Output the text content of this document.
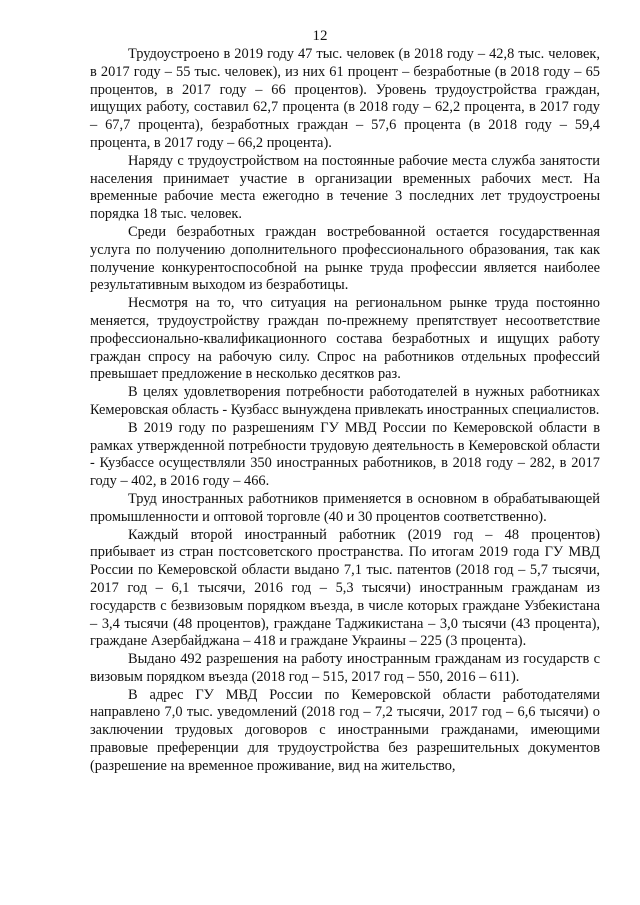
12

Трудоустроено в 2019 году 47 тыс. человек (в 2018 году – 42,8 тыс. человек, в 2017 году – 55 тыс. человек), из них 61 процент – безработные (в 2018 году – 65 процентов, в 2017 году – 66 процентов). Уровень трудоустройства граждан, ищущих работу, составил 62,7 процента (в 2018 году – 62,2 процента, в 2017 году – 67,7 процента), безработных граждан – 57,6 процента (в 2018 году – 59,4 процента, в 2017 году – 66,2 процента).

Наряду с трудоустройством на постоянные рабочие места служба занятости населения принимает участие в организации временных рабочих мест. На временные рабочие места ежегодно в течение 3 последних лет трудоустроены порядка 18 тыс. человек.

Среди безработных граждан востребованной остается государственная услуга по получению дополнительного профессионального образования, так как получение конкурентоспособной на рынке труда профессии является наиболее результативным выходом из безработицы.

Несмотря на то, что ситуация на региональном рынке труда постоянно меняется, трудоустройству граждан по-прежнему препятствует несоответствие профессионально-квалификационного состава безработных и ищущих работу граждан спросу на рабочую силу. Спрос на работников отдельных профессий превышает предложение в несколько десятков раз.

В целях удовлетворения потребности работодателей в нужных работниках Кемеровская область - Кузбасс вынуждена привлекать иностранных специалистов.

В 2019 году по разрешениям ГУ МВД России по Кемеровской области в рамках утвержденной потребности трудовую деятельность в Кемеровской области - Кузбассе осуществляли 350 иностранных работников, в 2018 году – 282, в 2017 году – 402, в 2016 году – 466.

Труд иностранных работников применяется в основном в обрабатывающей промышленности и оптовой торговле (40 и 30 процентов соответственно).

Каждый второй иностранный работник (2019 год – 48 процентов) прибывает из стран постсоветского пространства. По итогам 2019 года ГУ МВД России по Кемеровской области выдано 7,1 тыс. патентов (2018 год – 5,7 тысячи, 2017 год – 6,1 тысячи, 2016 год – 5,3 тысячи) иностранным гражданам из государств с безвизовым порядком въезда, в числе которых граждане Узбекистана – 3,4 тысячи (48 процентов), граждане Таджикистана – 3,0 тысячи (43 процента), граждане Азербайджана – 418 и граждане Украины – 225 (3 процента).

Выдано 492 разрешения на работу иностранным гражданам из государств с визовым порядком въезда (2018 год – 515, 2017 год – 550, 2016 – 611).

В адрес ГУ МВД России по Кемеровской области работодателями направлено 7,0 тыс. уведомлений (2018 год – 7,2 тысячи, 2017 год – 6,6 тысячи) о заключении трудовых договоров с иностранными гражданами, имеющими правовые преференции для трудоустройства без разрешительных документов (разрешение на временное проживание, вид на жительство,
